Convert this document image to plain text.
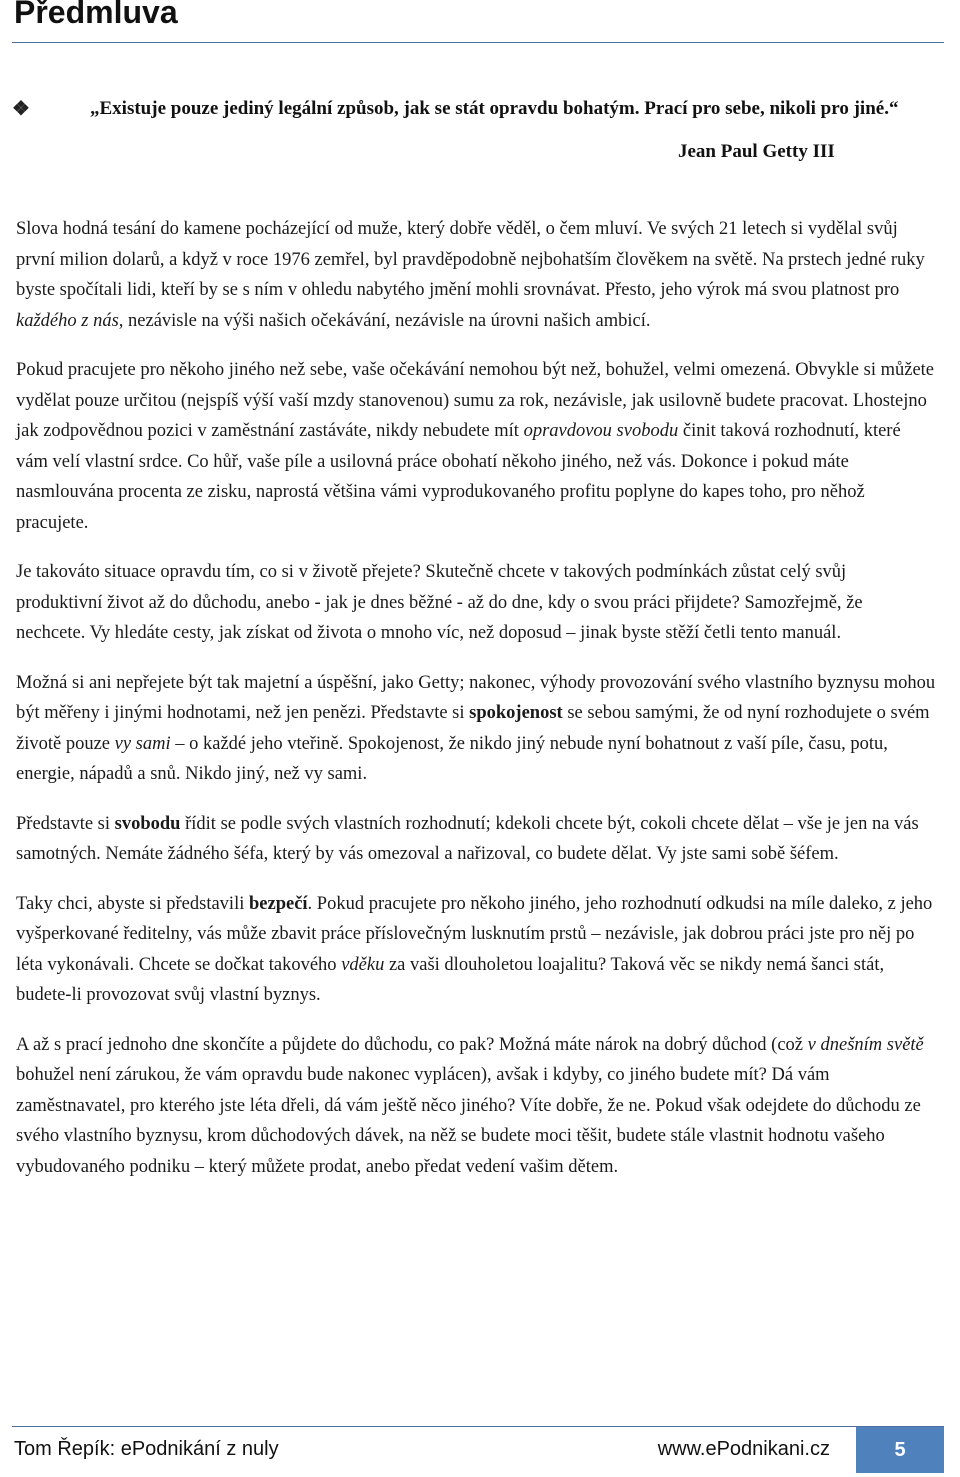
Předmluva
❖	„Existuje pouze jediný legální způsob, jak se stát opravdu bohatým. Prací pro sebe, nikoli pro jiné.“

Jean Paul Getty III

Slova hodná tesání do kamene pocházející od muže, který dobře věděl, o čem mluví. Ve svých 21 letech si vydělal svůj první milion dolarů, a když v roce 1976 zemřel, byl pravděpodobně nejbohatším člověkem na světě. Na prstech jedné ruky byste spočítali lidi, kteří by se s ním v ohledu nabytého jmění mohli srovnávat. Přesto, jeho výrok má svou platnost pro každého z nás, nezávisle na výši našich očekávání, nezávisle na úrovni našich ambicí.

Pokud pracujete pro někoho jiného než sebe, vaše očekávání nemohou být než, bohužel, velmi omezená. Obvykle si můžete vydělat pouze určitou (nejspíš výší vaší mzdy stanovenou) sumu za rok, nezávisle, jak usilovně budete pracovat. Lhostejno jak zodpovědnou pozici v zaměstnání zastáváte, nikdy nebudete mít opravdovou svobodu činit taková rozhodnutí, které vám velí vlastní srdce. Co hůř, vaše píle a usilovná práce obohatí někoho jiného, než vás. Dokonce i pokud máte nasmlouvána procenta ze zisku, naprostá většina vámi vyprodukovaného profitu poplyne do kapes toho, pro něhož pracujete.

Je takováto situace opravdu tím, co si v životě přejete? Skutečně chcete v takových podmínkách zůstat celý svůj produktivní život až do důchodu, anebo - jak je dnes běžné - až do dne, kdy o svou práci přijdete? Samozřejmě, že nechcete. Vy hledáte cesty, jak získat od života o mnoho víc, než doposud – jinak byste stěží četli tento manuál.

Možná si ani nepřejete být tak majetní a úspěšní, jako Getty; nakonec, výhody provozování svého vlastního byznysu mohou být měřeny i jinými hodnotami, než jen penězi. Představte si spokojenost se sebou samými, že od nyní rozhodujete o svém životě pouze vy sami – o každé jeho vteřině. Spokojenost, že nikdo jiný nebude nyní bohatnout z vaší píle, času, potu, energie, nápadů a snů. Nikdo jiný, než vy sami.

Představte si svobodu řídit se podle svých vlastních rozhodnutí; kdekoli chcete být, cokoli chcete dělat – vše je jen na vás samotných. Nemáte žádného šéfa, který by vás omezoval a nařizoval, co budete dělat. Vy jste sami sobě šéfem.

Taky chci, abyste si představili bezpečí. Pokud pracujete pro někoho jiného, jeho rozhodnutí odkudsi na míle daleko, z jeho vyšperkované ředitelny, vás může zbavit práce příslovečným lusknutím prstů – nezávisle, jak dobrou práci jste pro něj po léta vykonávali. Chcete se dočkat takového vděku za vaši dlouholetou loajalitu? Taková věc se nikdy nemá šanci stát, budete-li provozovat svůj vlastní byznys.

A až s prací jednoho dne skončíte a půjdete do důchodu, co pak? Možná máte nárok na dobrý důchod (což v dnešním světě bohužel není zárukou, že vám opravdu bude nakonec vyplácen), avšak i kdyby, co jiného budete mít? Dá vám zaměstnavatel, pro kterého jste léta dřeli, dá vám ještě něco jiného? Víte dobře, že ne. Pokud však odejdete do důchodu ze svého vlastního byznysu, krom důchodových dávek, na něž se budete moci těšit, budete stále vlastnit hodnotu vašeho vybudovaného podniku – který můžete prodat, anebo předat vedení vašim dětem.

Tom Řepík: ePodnikání z nuly	www.ePodnikani.cz	5
